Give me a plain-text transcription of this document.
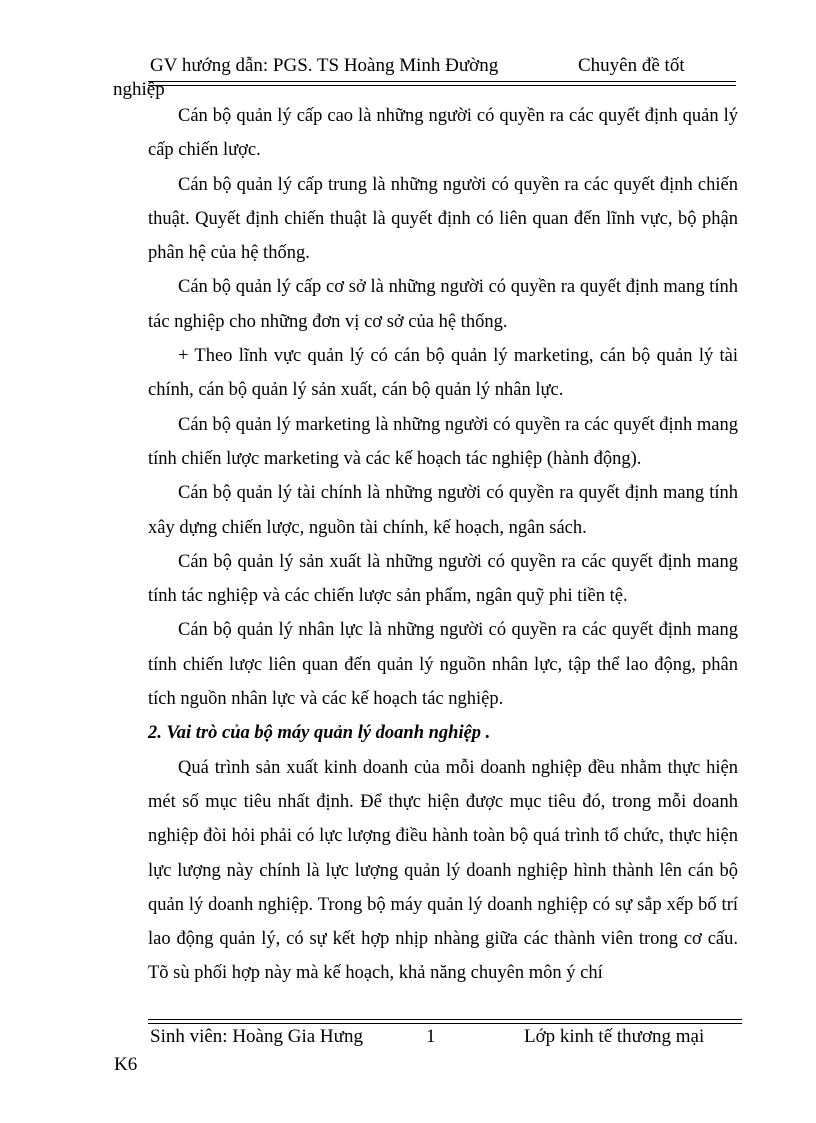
GV hướng dẫn: PGS. TS Hoàng Minh Đường	Chuyên đề tốt
nghiệp

Cán bộ quản lý cấp cao là những người có quyền ra các quyết định quản lý cấp chiến lược.

Cán bộ quản lý cấp trung là những người có quyền ra các quyết định chiến thuật. Quyết định chiến thuật là quyết định có liên quan đến lĩnh vực, bộ phận phân hệ của hệ thống.

Cán bộ quản lý cấp cơ sở là những người có quyền ra quyết định mang tính tác nghiệp cho những đơn vị cơ sở của hệ thống.

+ Theo lĩnh vực quản lý có cán bộ quản lý marketing, cán bộ quản lý tài chính, cán bộ quản lý sản xuất, cán bộ quản lý nhân lực.

Cán bộ quản lý marketing là những người có quyền ra các quyết định mang tính chiến lược marketing và các kế hoạch tác nghiệp (hành động).

Cán bộ quản lý tài chính là những người có quyền ra quyết định mang tính xây dựng chiến lược, nguồn tài chính, kế hoạch, ngân sách.

Cán bộ quản lý sản xuất là những người có quyền ra các quyết định mang tính tác nghiệp và các chiến lược sản phẩm, ngân quỹ phi tiền tệ.

Cán bộ quản lý nhân lực là những người có quyền ra các quyết định mang tính chiến lược liên quan đến quản lý nguồn nhân lực, tập thể lao động, phân tích nguồn nhân lực và các kế hoạch tác nghiệp.

2. Vai trò của bộ máy quản lý doanh nghiệp .

Quá trình sản xuất kinh doanh của mỗi doanh nghiệp đều nhằm thực hiện mét số mục tiêu nhất định. Để thực hiện được mục tiêu đó, trong mỗi doanh nghiệp đòi hỏi phải có lực lượng điều hành toàn bộ quá trình tổ chức, thực hiện lực lượng này chính là lực lượng quản lý doanh nghiệp hình thành lên cán bộ quản lý doanh nghiệp. Trong bộ máy quản lý doanh nghiệp có sự sắp xếp bố trí lao động quản lý, có sự kết hợp nhịp nhàng giữa các thành viên trong cơ cấu. Tõ sù phối hợp này mà kế hoạch, khả năng chuyên môn ý chí

Sinh viên: Hoàng Gia Hưng	1	Lớp kinh tế thương mại
K6
